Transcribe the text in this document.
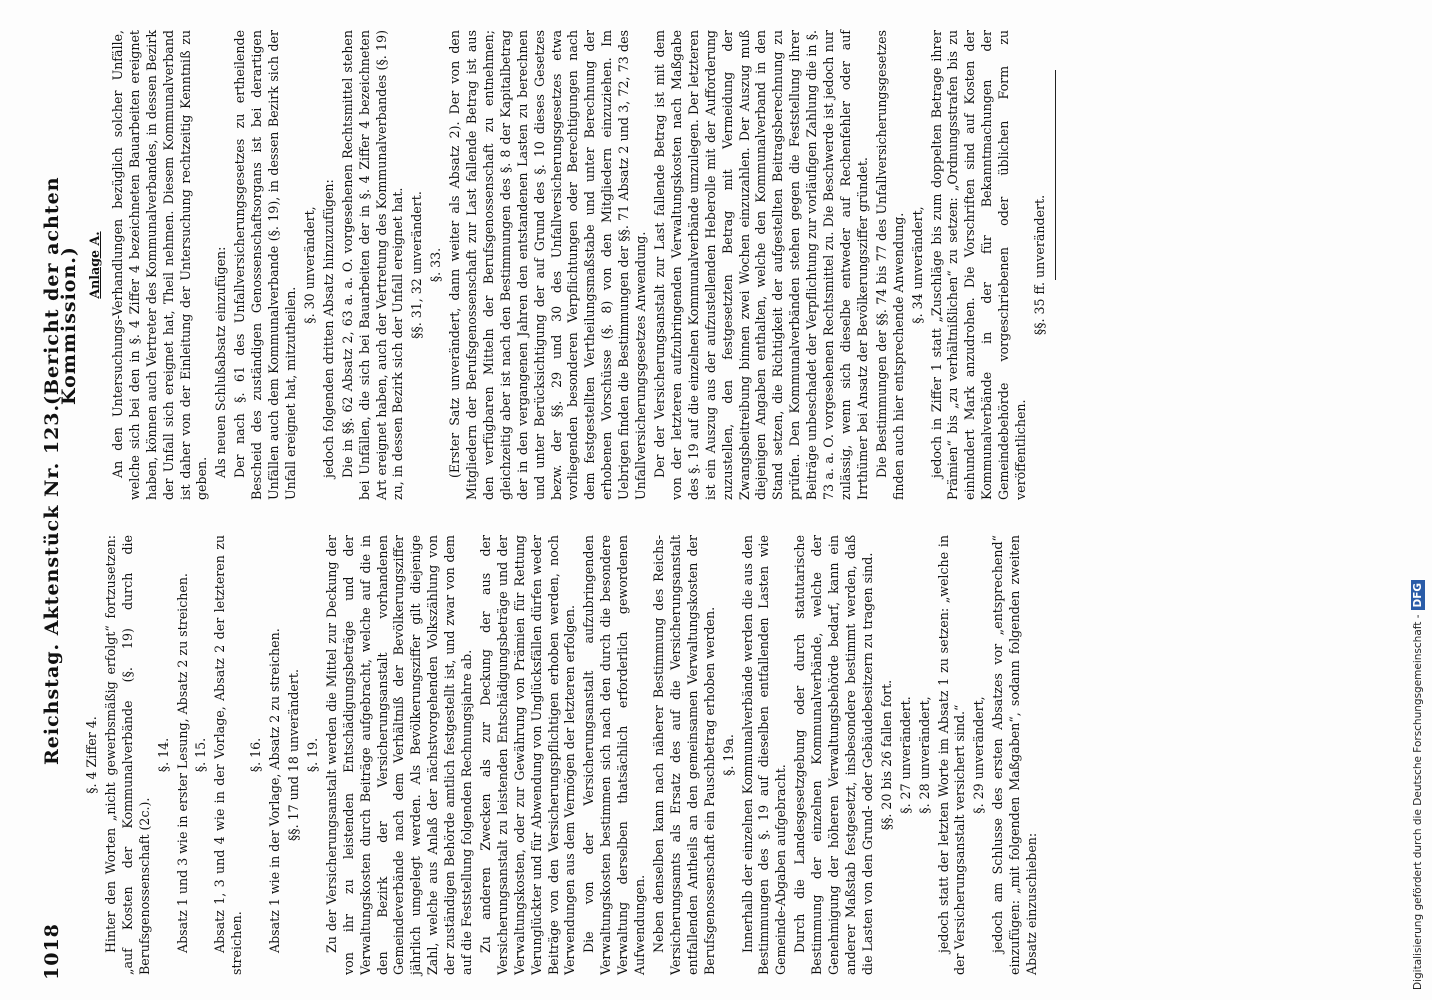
1018
Reichstag. Aktenstück Nr. 123.
(Bericht der achten Kommission.)
§. 4 Ziffer 4. Hinter den Worten „nicht gewerbsmäßig erfolgt“ fortzusetzen: „auf Kosten der Kommunalverbände (§. 19) durch die Berufsgenossenschaft (2c.).
§. 14. Absatz 1 und 3 wie in erster Lesung, Absatz 2 zu streichen. §. 15. Absatz 1, 3 und 4 wie in der Vorlage, Absatz 2 der letzteren zu streichen.
§. 16. Absatz 1 wie in der Vorlage, Absatz 2 zu streichen. §§. 17 und 18 unverändert. §. 19. Zu der Versicherungsanstalt werden die Mittel zur Deckung der von ihr zu leistenden Entschädigungsbeträge und der Verwaltungskosten durch Beiträge aufgebracht, welche auf die in den Bezirk der Versicherungsanstalt vorhandenen Gemeindeverbände nach dem Verhältniß der Bevölkerungsziffer jährlich umgelegt werden. Als Bevölkerungsziffer gilt diejenige Zahl, welche aus Anlaß der nächstvorgehenden Volkszählung von der zuständigen Behörde amtlich festgestellt ist, und zwar von dem auf die Feststellung folgenden Rechnungsjahre ab. Zu anderen Zwecken als zur Deckung der aus der Versicherungsanstalt zu leistenden Entschädigungsbeträge und der Verwaltungskosten, oder zur Gewährung von Prämien für Rettung Verunglückter und für Abwendung von Unglücksfällen dürfen weder Beiträge von den Versicherungspflichtigen erhoben werden, noch Verwendungen aus dem Vermögen der letzteren erfolgen. Die von der Versicherungsanstalt aufzubringenden Verwaltungskosten bestimmen sich nach den durch die besondere Verwaltung derselben thatsächlich erforderlich gewordenen Aufwendungen. Neben denselben kann nach näherer Bestimmung des Reichs-Versicherungsamts als Ersatz des auf die Versicherungsanstalt entfallenden Antheils an den gemeinsamen Verwaltungskosten der Berufsgenossenschaft ein Pauschbetrag erhoben werden. §. 19a. Innerhalb der einzelnen Kommunalverbände werden die aus den Bestimmungen des §. 19 auf dieselben entfallenden Lasten wie Gemeinde-Abgaben aufgebracht. Durch die Landesgesetzgebung oder durch statutarische Bestimmung der einzelnen Kommunalverbände, welche der Genehmigung der höheren Verwaltungsbehörde bedarf, kann ein anderer Maßstab festgesetzt, insbesondere bestimmt werden, daß die Lasten von den Grund- oder Gebäudebesitzern zu tragen sind. §§. 20 bis 26 fallen fort. §. 27 unverändert. §. 28 unverändert, jedoch statt der letzten Worte im Absatz 1 zu setzen: „welche in der Versicherungsanstalt versichert sind.“ §. 29 unverändert, jedoch am Schlusse des ersten Absatzes vor „entsprechend“ einzufügen: „mit folgenden Maßgaben“, sodann folgenden zweiten Absatz einzuschieben:
Anlage A. An den Untersuchungs-Verhandlungen bezüglich solcher Unfälle, welche sich bei den in §. 4 Ziffer 4 bezeichneten Bauarbeiten ereignet haben, können auch Vertreter des Kommunalverbandes, in dessen Bezirk der Unfall sich ereignet hat, Theil nehmen. Diesem Kommunalverband ist daher von der Einleitung der Untersuchung rechtzeitig Kenntniß zu geben.
Als neuen Schlußabsatz einzufügen: Der nach §. 61 des Unfallversicherungsgesetzes zu ertheilende Bescheid des zuständigen Genossenschaftsorgans ist bei derartigen Unfällen auch dem Kommunalverbande (§. 19), in dessen Bezirk sich der Unfall ereignet hat, mitzutheilen.
§. 30 unverändert, jedoch folgenden dritten Absatz hinzuzufügen: Die in §§. 62 Absatz 2, 63 a. a. O. vorgesehenen Rechtsmittel stehen bei Unfällen, die sich bei Bauarbeiten der in §. 4 Ziffer 4 bezeichneten Art ereignet haben, auch der Vertretung des Kommunalverbandes (§. 19) zu, in dessen Bezirk sich der Unfall ereignet hat. §§. 31, 32 unverändert. §. 33. (Erster Satz unverändert, dann weiter als Absatz 2). Der von den Mitgliedern der Berufsgenossenschaft zur Last fallende Betrag ist aus den verfügbaren Mitteln der Berufsgenossenschaft zu entnehmen; gleichzeitig aber ist nach den Bestimmungen des §. 8 der Kapitalbetrag der in den vergangenen Jahren den entstandenen Lasten zu berechnen und unter Berücksichtigung der auf Grund des §. 10 dieses Gesetzes bezw. der §§. 29 und 30 des Unfallversicherungsgesetzes etwa vorliegenden besonderen Verpflichtungen oder Berechtigungen nach dem festgestellten Vertheilungsmaßstabe und unter Berechnung der erhobenen Vorschüsse (§. 8) von den Mitgliedern einzuziehen. Im Uebrigen finden die Bestimmungen der §§. 71 Absatz 2 und 3, 72, 73 des Unfallversicherungsgesetzes Anwendung. Der der Versicherungsanstalt zur Last fallende Betrag ist mit dem von der letzteren aufzubringenden Verwaltungskosten nach Maßgabe des §. 19 auf die einzelnen Kommunalverbände umzulegen. Der letzteren ist ein Auszug aus der aufzustellenden Heberolle mit der Aufforderung zuzustellen, den festgesetzten Betrag mit Vermeidung der Zwangsbeitreibung binnen zwei Wochen einzuzahlen. Der Auszug muß diejenigen Angaben enthalten, welche den Kommunalverband in den Stand setzen, die Richtigkeit der aufgestellten Beitragsberechnung zu prüfen. Den Kommunalverbänden stehen gegen die Feststellung ihrer Beiträge unbeschadet der Verpflichtung zur vorläufigen Zahlung die in §. 73 a. a. O. vorgesehenen Rechtsmittel zu. Die Beschwerde ist jedoch nur zulässig, wenn sich dieselbe entweder auf Rechenfehler oder auf Irrthümer bei Ansatz der Bevölkerungsziffer gründet. Die Bestimmungen der §§. 74 bis 77 des Unfallversicherungsgesetzes finden auch hier entsprechende Anwendung. §. 34 unverändert, jedoch in Ziffer 1 statt „Zuschläge bis zum doppelten Betrage ihrer Prämien“ bis „zu verhältnißlichen“ zu setzen: „Ordnungsstrafen bis zu einhundert Mark anzudrohen. Die Vorschriften sind auf Kosten der Kommunalverbände in der für Bekanntmachungen der Gemeindebehörde vorgeschriebenen oder üblichen Form zu veröffentlichen.
§§. 35 ff. unverändert.
Digitalisierung gefördert durch die Deutsche Forschungsgemeinschaft -DFG
